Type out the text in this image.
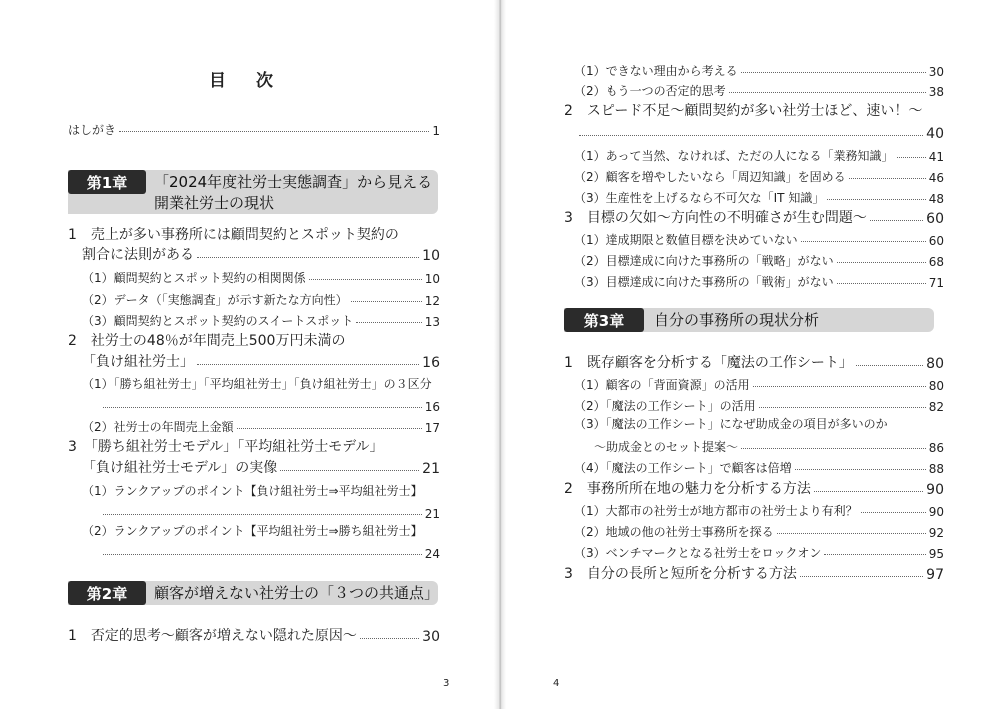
目 次
はしがき	1
第1章	「2024年度社労士実態調査」から見える
開業社労士の現状
1　売上が多い事務所には顧問契約とスポット契約の
割合に法則がある	10
（1）顧問契約とスポット契約の相関関係	10
（2）データ（「実態調査」が示す新たな方向性）	12
（3）顧問契約とスポット契約のスイートスポット	13
2　社労士の48％が年間売上500万円未満の
「負け組社労士」	16
（1）「勝ち組社労士」「平均組社労士」「負け組社労士」の３区分
16
（2）社労士の年間売上金額	17
3　「勝ち組社労士モデル」「平均組社労士モデル」
「負け組社労士モデル」の実像	21
（1）ランクアップのポイント【負け組社労士⇒平均組社労士】
21
（2）ランクアップのポイント【平均組社労士⇒勝ち組社労士】
24
第2章	顧客が増えない社労士の「３つの共通点」
1　否定的思考〜顧客が増えない隠れた原因〜	30
3
（1）できない理由から考える	30
（2）もう一つの否定的思考	38
2　スピード不足〜顧問契約が多い社労士ほど、速い！〜
40
（1）あって当然、なければ、ただの人になる「業務知識」	41
（2）顧客を増やしたいなら「周辺知識」を固める	46
（3）生産性を上げるなら不可欠な「IT 知識」	48
3　目標の欠如〜方向性の不明確さが生む問題〜	60
（1）達成期限と数値目標を決めていない	60
（2）目標達成に向けた事務所の「戦略」がない	68
（3）目標達成に向けた事務所の「戦術」がない	71
第3章	自分の事務所の現状分析
1　既存顧客を分析する「魔法の工作シート」	80
（1）顧客の「背面資源」の活用	80
（2）「魔法の工作シート」の活用	82
（3）「魔法の工作シート」になぜ助成金の項目が多いのか
〜助成金とのセット提案〜	86
（4）「魔法の工作シート」で顧客は倍増	88
2　事務所所在地の魅力を分析する方法	90
（1）大都市の社労士が地方都市の社労士より有利？	90
（2）地域の他の社労士事務所を探る	92
（3）ベンチマークとなる社労士をロックオン	95
3　自分の長所と短所を分析する方法	97
4
